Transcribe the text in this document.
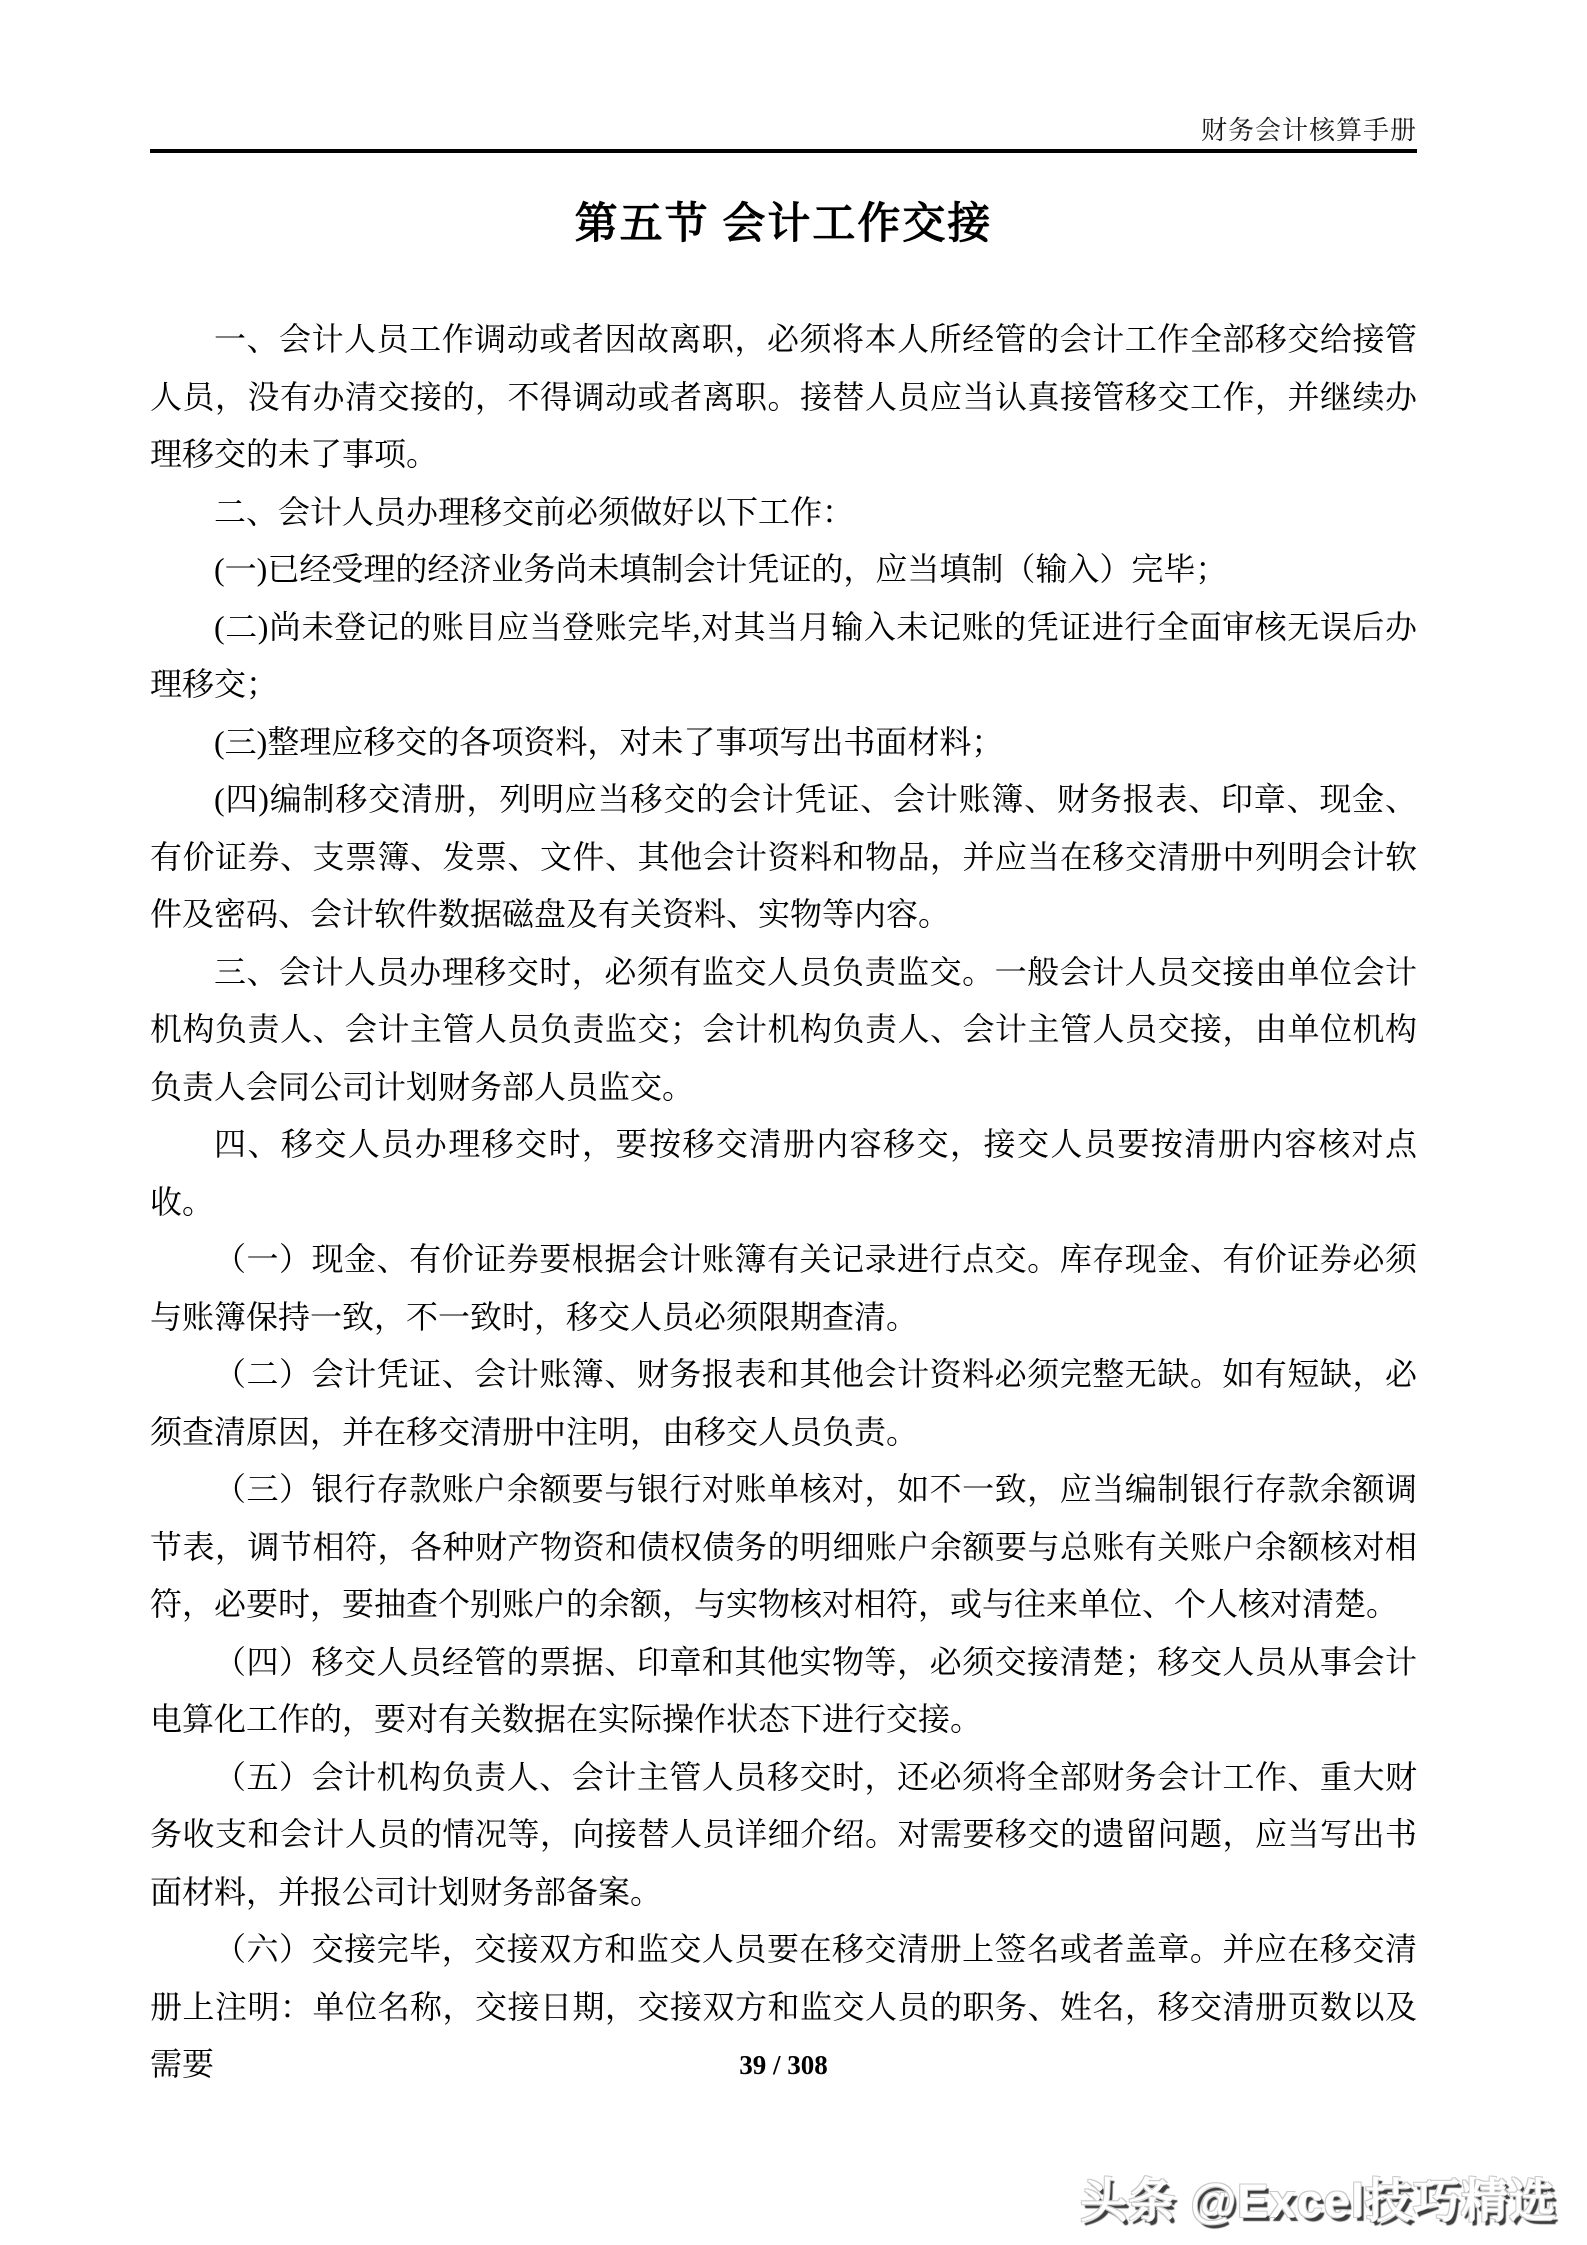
财务会计核算手册
第五节 会计工作交接

一、会计人员工作调动或者因故离职，必须将本人所经管的会计工作全部移交给接管人员，没有办清交接的，不得调动或者离职。接替人员应当认真接管移交工作，并继续办理移交的未了事项。

二、会计人员办理移交前必须做好以下工作：

(一)已经受理的经济业务尚未填制会计凭证的，应当填制（输入）完毕；

(二)尚未登记的账目应当登账完毕,对其当月输入未记账的凭证进行全面审核无误后办理移交；

(三)整理应移交的各项资料，对未了事项写出书面材料；

(四)编制移交清册，列明应当移交的会计凭证、会计账簿、财务报表、印章、现金、有价证券、支票簿、发票、文件、其他会计资料和物品，并应当在移交清册中列明会计软件及密码、会计软件数据磁盘及有关资料、实物等内容。

三、会计人员办理移交时，必须有监交人员负责监交。一般会计人员交接由单位会计机构负责人、会计主管人员负责监交；会计机构负责人、会计主管人员交接，由单位机构负责人会同公司计划财务部人员监交。

四、移交人员办理移交时，要按移交清册内容移交，接交人员要按清册内容核对点收。

（一）现金、有价证券要根据会计账簿有关记录进行点交。库存现金、有价证券必须与账簿保持一致，不一致时，移交人员必须限期查清。

（二）会计凭证、会计账簿、财务报表和其他会计资料必须完整无缺。如有短缺，必须查清原因，并在移交清册中注明，由移交人员负责。

（三）银行存款账户余额要与银行对账单核对，如不一致，应当编制银行存款余额调节表，调节相符，各种财产物资和债权债务的明细账户余额要与总账有关账户余额核对相符，必要时，要抽查个别账户的余额，与实物核对相符，或与往来单位、个人核对清楚。

（四）移交人员经管的票据、印章和其他实物等，必须交接清楚；移交人员从事会计电算化工作的，要对有关数据在实际操作状态下进行交接。

（五）会计机构负责人、会计主管人员移交时，还必须将全部财务会计工作、重大财务收支和会计人员的情况等，向接替人员详细介绍。对需要移交的遗留问题，应当写出书面材料，并报公司计划财务部备案。

（六）交接完毕，交接双方和监交人员要在移交清册上签名或者盖章。并应在移交清册上注明：单位名称，交接日期，交接双方和监交人员的职务、姓名，移交清册页数以及需要	39 / 308
头条 @Excel技巧精选
